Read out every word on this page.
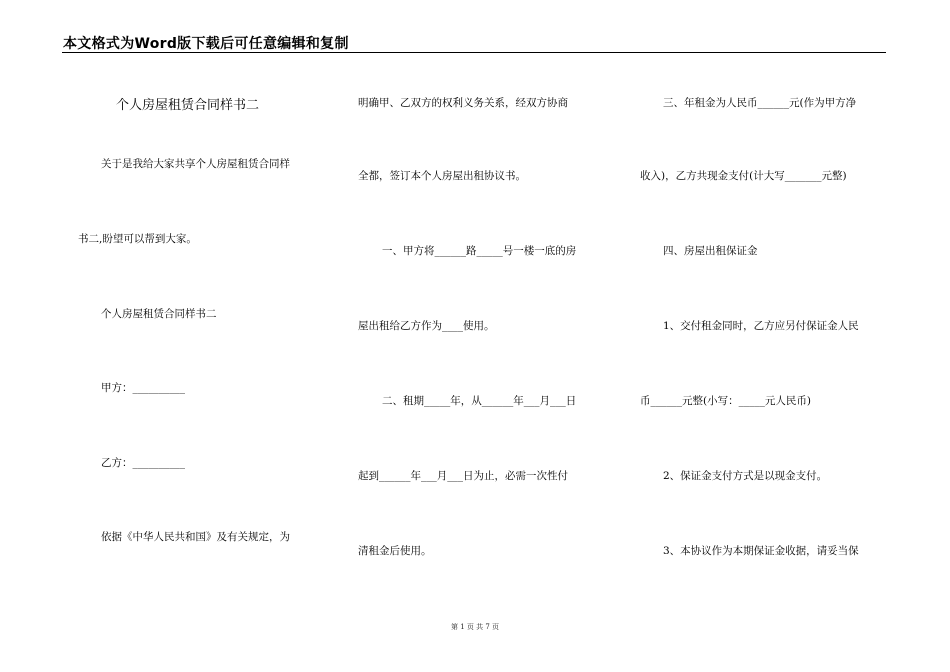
本文格式为Word版下载后可任意编辑和复制
个人房屋租赁合同样书二
关于是我给大家共享个人房屋租赁合同样
书二,盼望可以帮到大家。
个人房屋租赁合同样书二
甲方：__________
乙方：__________
依据《中华人民共和国》及有关规定，为
明确甲、乙双方的权利义务关系，经双方协商
全都，签订本个人房屋出租协议书。
一、甲方将______路_____号一楼一底的房
屋出租给乙方作为____使用。
二、租期_____年，从______年___月___日
起到______年___月___日为止，必需一次性付
清租金后使用。
三、年租金为人民币______元(作为甲方净
收入)，乙方共现金支付(计大写_______元整)
四、房屋出租保证金
1、交付租金同时，乙方应另付保证金人民
币______元整(小写：_____元人民币)
2、保证金支付方式是以现金支付。
3、本协议作为本期保证金收据，请妥当保
第 1 页 共 7 页
